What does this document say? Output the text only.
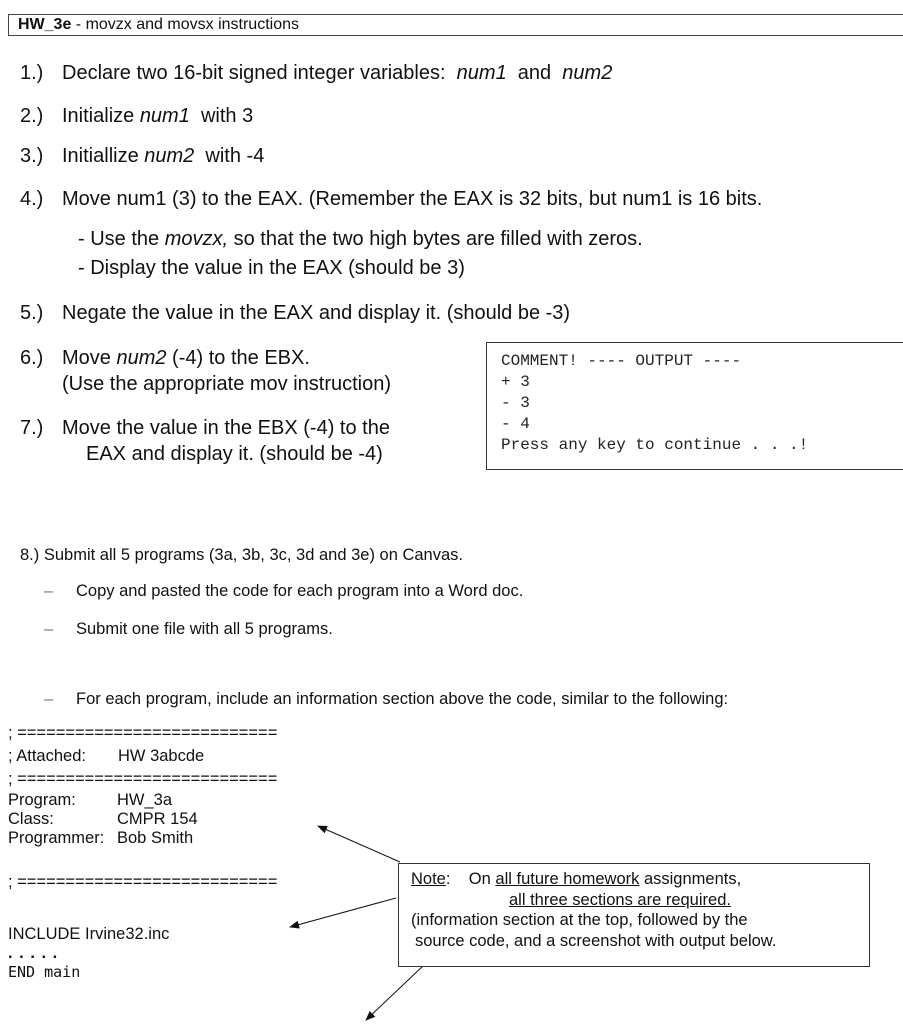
HW_3e - movzx and movsx instructions
1.) Declare two 16-bit signed integer variables:  num1  and  num2
2.) Initialize num1  with 3
3.) Initiallize num2  with -4
4.) Move num1 (3) to the EAX. (Remember the EAX is 32 bits, but num1 is 16 bits.
- Use the movzx, so that the two high bytes are filled with zeros.
- Display the value in the EAX (should be 3)
5.) Negate the value in the EAX and display it. (should be -3)
6.) Move num2 (-4) to the EBX.
(Use the appropriate mov instruction)
7.) Move the value in the EBX (-4) to the
EAX and display it. (should be -4)
COMMENT! ---- OUTPUT ----
+ 3
- 3
- 4
Press any key to continue . . .!
8.) Submit all 5 programs (3a, 3b, 3c, 3d and 3e) on Canvas.
– Copy and pasted the code for each program into a Word doc.
– Submit one file with all 5 programs.
– For each program, include an information section above the code, similar to the following:
; ===========================
; Attached: HW 3abcde
; ===========================
Program: HW_3a
Class:	CMPR 154
Programmer: Bob Smith
; ===========================
INCLUDE Irvine32.inc
. . . . .
END main
Note:    On all future homework assignments,
all three sections are required.
(information section at the top, followed by the
source code, and a screenshot with output below.
